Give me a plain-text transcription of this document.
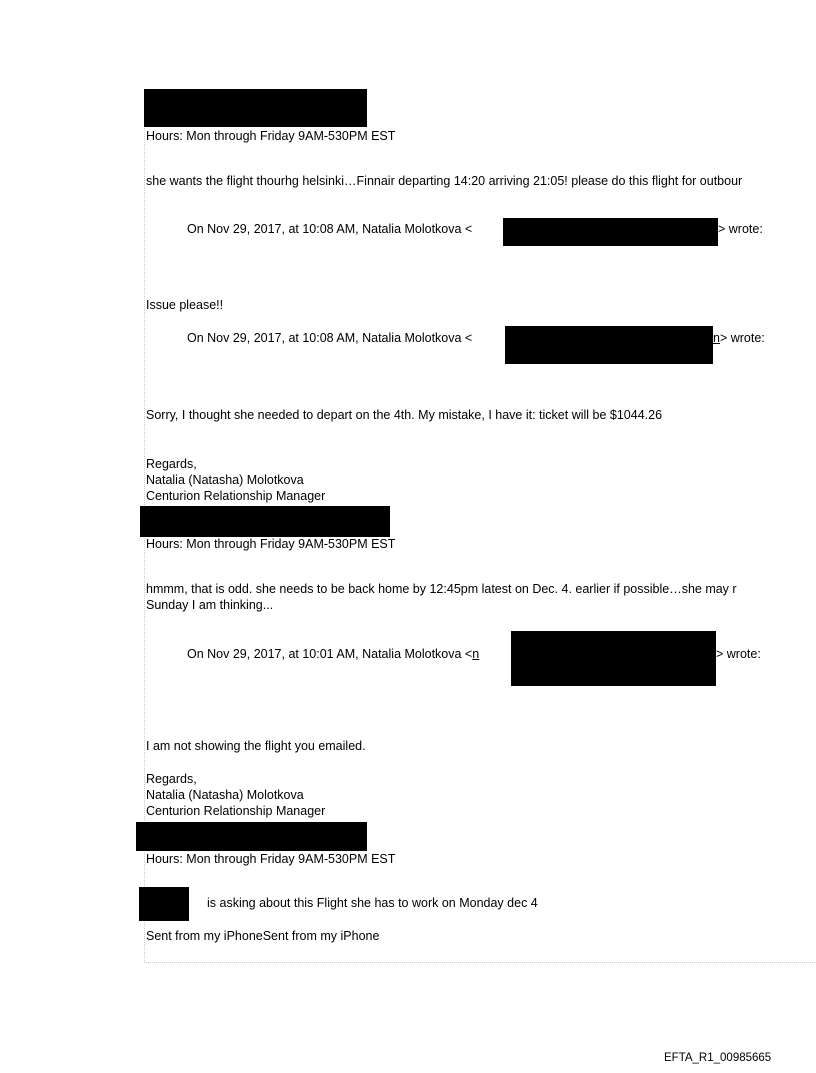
Hours: Mon through Friday 9AM-530PM EST
she wants the flight thourhg helsinki…Finnair departing 14:20 arriving 21:05! please do this flight for outbour
On Nov 29, 2017, at 10:08 AM, Natalia Molotkova <	> wrote:
Issue please!!
On Nov 29, 2017, at 10:08 AM, Natalia Molotkova <	n> wrote:
Sorry, I thought she needed to depart on the 4th. My mistake, I have it: ticket will be $1044.26
Regards,
Natalia (Natasha) Molotkova
Centurion Relationship Manager
Hours: Mon through Friday 9AM-530PM EST
hmmm, that is odd. she needs to be back home by 12:45pm latest on Dec. 4. earlier if possible…she may r
Sunday I am thinking...
On Nov 29, 2017, at 10:01 AM, Natalia Molotkova <n	> wrote:
I am not showing the flight you emailed.
Regards,
Natalia (Natasha) Molotkova
Centurion Relationship Manager
Hours: Mon through Friday 9AM-530PM EST
is asking about this Flight she has to work on Monday dec 4
Sent from my iPhoneSent from my iPhone
EFTA_R1_00985665
